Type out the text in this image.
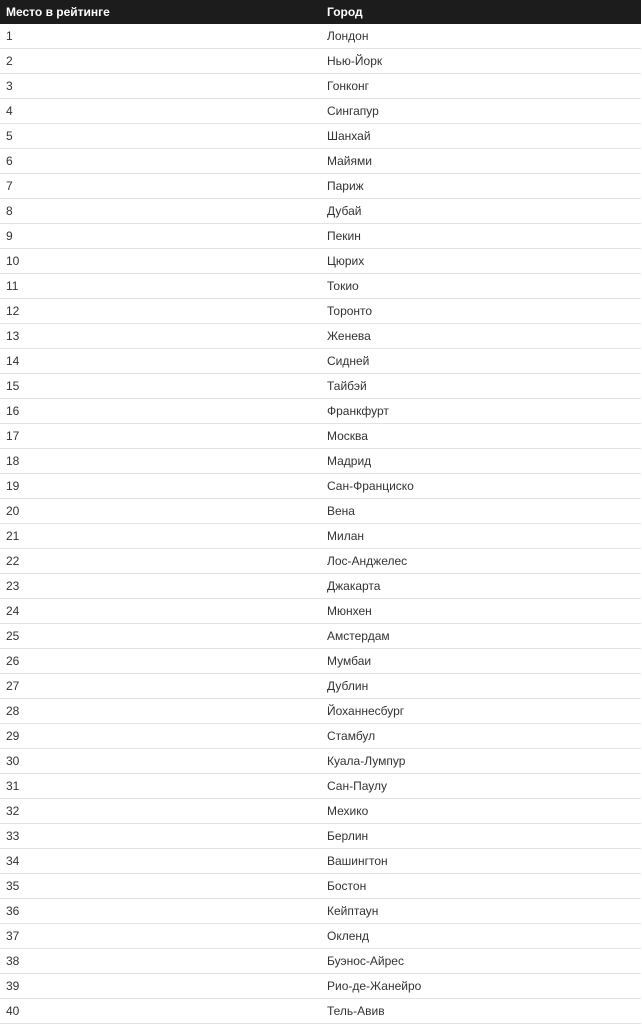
Место в рейтинге	Город
1	Лондон
2	Нью-Йорк
3	Гонконг
4	Сингапур
5	Шанхай
6	Майями
7	Париж
8	Дубай
9	Пекин
10	Цюрих
11	Токио
12	Торонто
13	Женева
14	Сидней
15	Тайбэй
16	Франкфурт
17	Москва
18	Мадрид
19	Сан-Франциско
20	Вена
21	Милан
22	Лос-Анджелес
23	Джакарта
24	Мюнхен
25	Амстердам
26	Мумбаи
27	Дублин
28	Йоханнесбург
29	Стамбул
30	Куала-Лумпур
31	Сан-Паулу
32	Мехико
33	Берлин
34	Вашингтон
35	Бостон
36	Кейптаун
37	Окленд
38	Буэнос-Айрес
39	Рио-де-Жанейро
40	Тель-Авив
